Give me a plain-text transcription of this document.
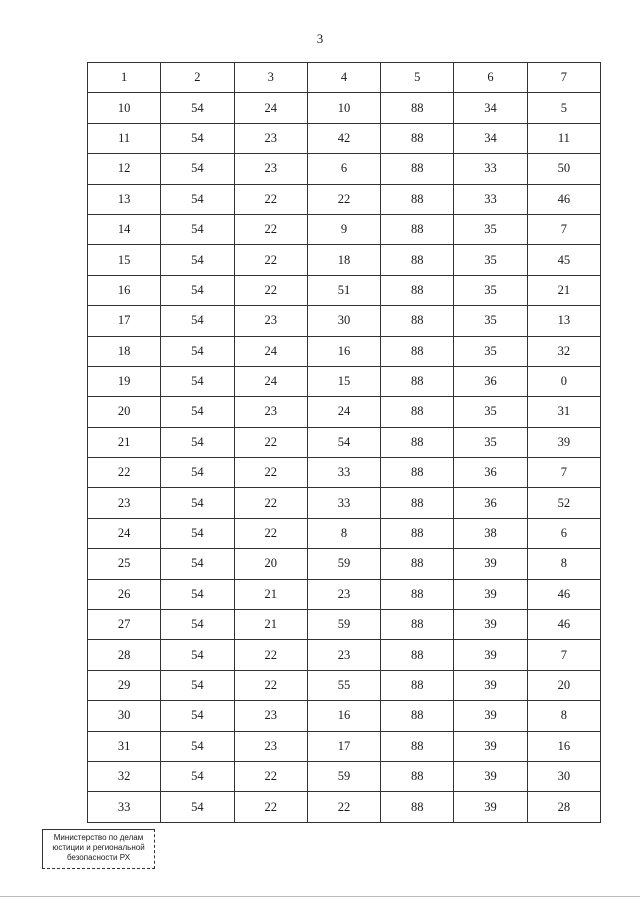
3
1	2	3	4	5	6	7
10	54	24	10	88	34	5
11	54	23	42	88	34	11
12	54	23	6	88	33	50
13	54	22	22	88	33	46
14	54	22	9	88	35	7
15	54	22	18	88	35	45
16	54	22	51	88	35	21
17	54	23	30	88	35	13
18	54	24	16	88	35	32
19	54	24	15	88	36	0
20	54	23	24	88	35	31
21	54	22	54	88	35	39
22	54	22	33	88	36	7
23	54	22	33	88	36	52
24	54	22	8	88	38	6
25	54	20	59	88	39	8
26	54	21	23	88	39	46
27	54	21	59	88	39	46
28	54	22	23	88	39	7
29	54	22	55	88	39	20
30	54	23	16	88	39	8
31	54	23	17	88	39	16
32	54	22	59	88	39	30
33	54	22	22	88	39	28
Министерство по делам
юстиции и региональной
безопасности РХ
